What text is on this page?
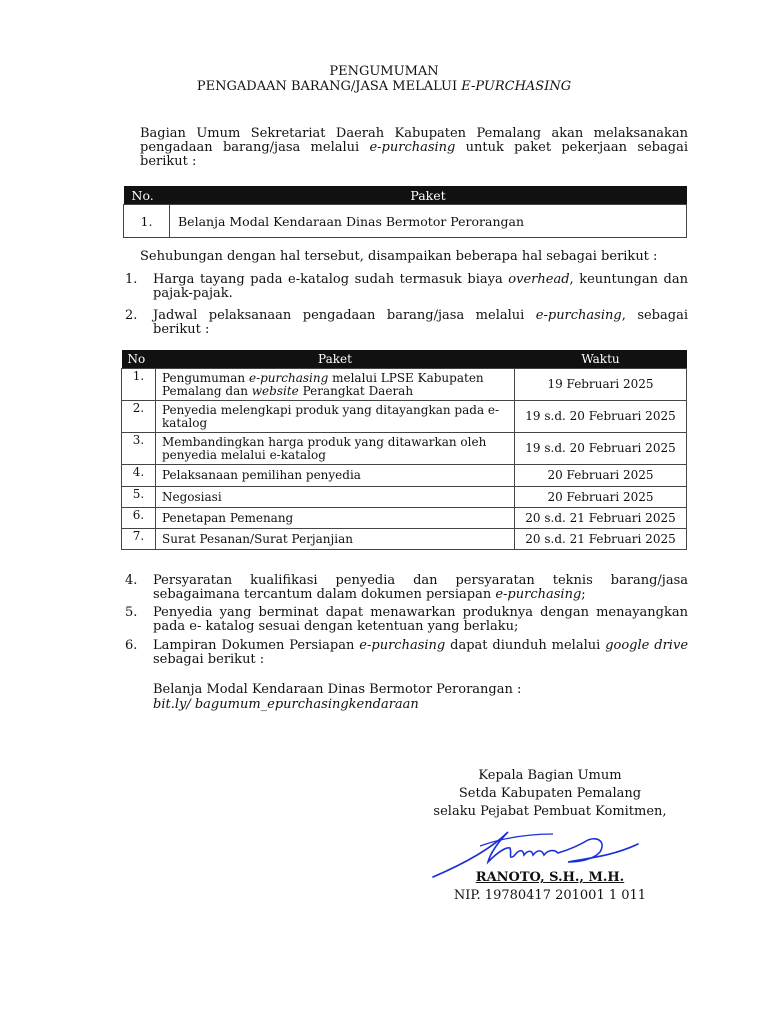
PENGUMUMAN
PENGADAAN BARANG/JASA MELALUI E-PURCHASING
Bagian Umum Sekretariat Daerah Kabupaten Pemalang akan melaksanakan pengadaan barang/jasa melalui e-purchasing untuk paket pekerjaan sebagai berikut :
No.	Paket
1.	Belanja Modal Kendaraan Dinas Bermotor Perorangan
Sehubungan dengan hal tersebut, disampaikan beberapa hal sebagai berikut :
1. Harga tayang pada e-katalog sudah termasuk biaya overhead, keuntungan dan pajak-pajak.
2. Jadwal pelaksanaan pengadaan barang/jasa melalui e-purchasing, sebagai berikut :
No	Paket	Waktu
1.	Pengumuman e-purchasing melalui LPSE Kabupaten Pemalang dan website Perangkat Daerah	19 Februari 2025
2.	Penyedia melengkapi produk yang ditayangkan pada e- katalog	19 s.d. 20 Februari 2025
3.	Membandingkan harga produk yang ditawarkan oleh penyedia melalui e-katalog	19 s.d. 20 Februari 2025
4.	Pelaksanaan pemilihan penyedia	20 Februari 2025
5.	Negosiasi	20 Februari 2025
6.	Penetapan Pemenang	20 s.d. 21 Februari 2025
7.	Surat Pesanan/Surat Perjanjian	20 s.d. 21 Februari 2025
4. Persyaratan kualifikasi penyedia dan persyaratan teknis barang/jasa sebagaimana tercantum dalam dokumen persiapan e-purchasing;
5. Penyedia yang berminat dapat menawarkan produknya dengan menayangkan pada e- katalog sesuai dengan ketentuan yang berlaku;
6. Lampiran Dokumen Persiapan e-purchasing dapat diunduh melalui google drive sebagai berikut :
Belanja Modal Kendaraan Dinas Bermotor Perorangan :
bit.ly/ bagumum_epurchasingkendaraan
Kepala Bagian Umum
Setda Kabupaten Pemalang
selaku Pejabat Pembuat Komitmen,
RANOTO, S.H., M.H.
NIP. 19780417 201001 1 011
